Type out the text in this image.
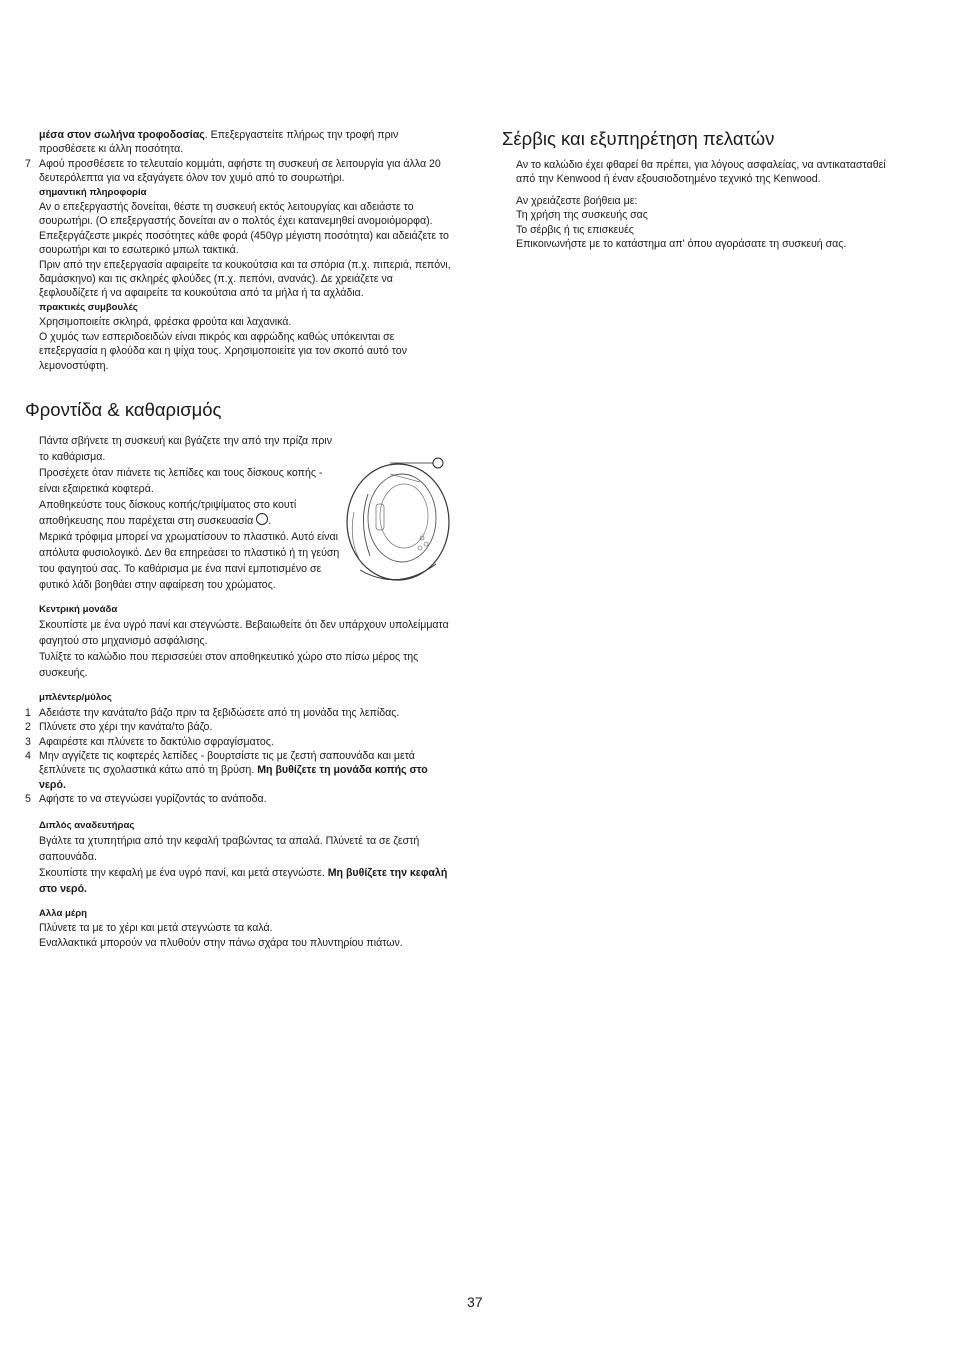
μέσα στον σωλήνα τροφοδοσίας. Επεξεργαστείτε πλήρως την τροφή πριν προσθέσετε κι άλλη ποσότητα.

7 Αφού προσθέσετε το τελευταίο κομμάτι, αφήστε τη συσκευή σε λειτουργία για άλλα 20 δευτερόλεπτα για να εξαγάγετε όλον τον χυμό από το σουρωτήρι.
σημαντική πληροφορία

Αν ο επεξεργαστής δονείται, θέστε τη συσκευή εκτός λειτουργίας και αδειάστε το σουρωτήρι. (Ο επεξεργαστής δονείται αν ο πολτός έχει κατανεμηθεί ανομοιόμορφα).

Επεξεργάζεστε μικρές ποσότητες κάθε φορά (450γρ μέγιστη ποσότητα) και αδειάζετε το σουρωτήρι και το εσωτερικό μπωλ τακτικά.

Πριν από την επεξεργασία αφαιρείτε τα κουκούτσια και τα σπόρια (π.χ. πιπεριά, πεπόνι, δαμάσκηνο) και τις σκληρές φλούδες (π.χ. πεπόνι, ανανάς). Δε χρειάζετε να ξεφλουδίζετε ή να αφαιρείτε τα κουκούτσια από τα μήλα ή τα αχλάδια.

πρακτικές συμβουλές

Χρησιμοποιείτε σκληρά, φρέσκα φρούτα και λαχανικά.

Ο χυμός των εσπεριδοειδών είναι πικρός και αφρώδης καθώς υπόκεινται σε επεξεργασία η φλούδα και η ψίχα τους. Χρησιμοποιείτε για τον σκοπό αυτό τον λεμονοστύφτη.

Φροντίδα & καθαρισμός
Πάντα σβήνετε τη συσκευή και βγάζετε την από την πρίζα πριν το καθάρισμα.
Προσέχετε όταν πιάνετε τις λεπίδες και τους δίσκους κοπής - είναι εξαιρετικά κοφτερά.
Αποθηκεύστε τους δίσκους κοπής/τριψίματος στο κουτί αποθήκευσης που παρέχεται στη συσκευασία .
Μερικά τρόφιμα μπορεί να χρωματίσουν το πλαστικό. Αυτό είναι απόλυτα φυσιολογικό. Δεν θα επηρεάσει το πλαστικό ή τη γεύση του φαγητού σας. Το καθάρισμα με ένα πανί εμποτισμένο σε φυτικό λάδι βοηθάει στην αφαίρεση του χρώματος.
Κεντρική μονάδα

Σκουπίστε με ένα υγρό πανί και στεγνώστε. Βεβαιωθείτε ότι δεν υπάρχουν υπολείμματα φαγητού στο μηχανισμό ασφάλισης.

Τυλίξτε το καλώδιο που περισσεύει στον αποθηκευτικό χώρο στο πίσω μέρος της συσκευής.

μπλέντερ/μύλος
1 Αδειάστε την κανάτα/το βάζο πριν τα ξεβιδώσετε από τη μονάδα της λεπίδας.
2 Πλύνετε στο χέρι την κανάτα/το βάζο.
3 Αφαιρέστε και πλύνετε το δακτύλιο σφραγίσματος.
4 Μην αγγίζετε τις κοφτερές λεπίδες - βουρτσίστε τις με ζεστή σαπουνάδα και μετά ξεπλύνετε τις σχολαστικά κάτω από τη βρύση. Μη βυθίζετε τη μονάδα κοπής στο νερό.
5 Αφήστε το να στεγνώσει γυρίζοντάς το ανάποδα.
Διπλός αναδευτήρας

Βγάλτε τα χτυπητήρια από την κεφαλή τραβώντας τα απαλά. Πλύνετέ τα σε ζεστή σαπουνάδα.

Σκουπίστε την κεφαλή με ένα υγρό πανί, και μετά στεγνώστε. Μη βυθίζετε την κεφαλή στο νερό.

Αλλα μέρη

Πλύνετε τα με το χέρι και μετά στεγνώστε τα καλά.

Εναλλακτικά μπορούν να πλυθούν στην πάνω σχάρα του πλυντηρίου πιάτων.

Σέρβις και εξυπηρέτηση πελατών

Αν το καλώδιο έχει φθαρεί θα πρέπει, για λόγους ασφαλείας, να αντικατασταθεί από την Kenwood ή έναν εξουσιοδοτημένο τεχνικό της Kenwood.

Αν χρειάζεστε βοήθεια με:

Τη χρήση της συσκευής σας

Το σέρβις ή τις επισκευές

Επικοινωνήστε με το κατάστημα απ' όπου αγοράσατε τη συσκευή σας.

37
